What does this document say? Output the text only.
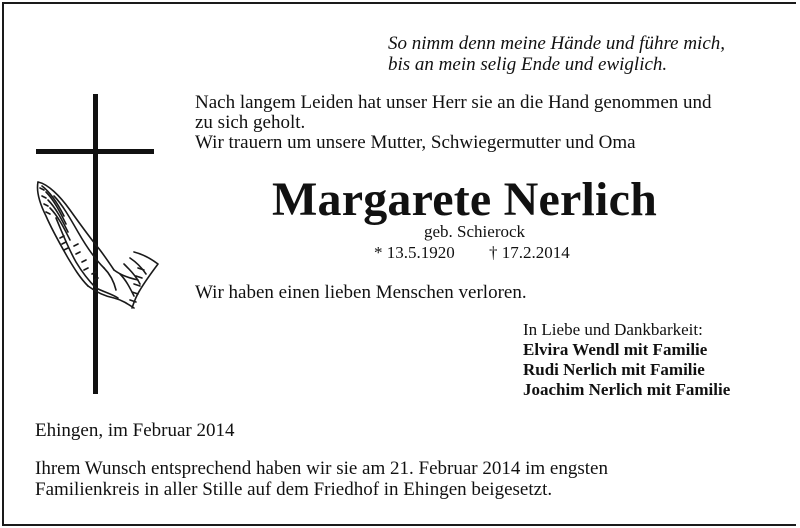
So nimm denn meine Hände und führe mich,
bis an mein selig Ende und ewiglich.
Nach langem Leiden hat unser Herr sie an die Hand genommen und
zu sich geholt.
Wir trauern um unsere Mutter, Schwiegermutter und Oma
Margarete Nerlich
geb. Schierock
* 13.5.1920 † 17.2.2014
Wir haben einen lieben Menschen verloren.
In Liebe und Dankbarkeit:
Elvira Wendl mit Familie
Rudi Nerlich mit Familie
Joachim Nerlich mit Familie
Ehingen, im Februar 2014
Ihrem Wunsch entsprechend haben wir sie am 21. Februar 2014 im engsten
Familienkreis in aller Stille auf dem Friedhof in Ehingen beigesetzt.
